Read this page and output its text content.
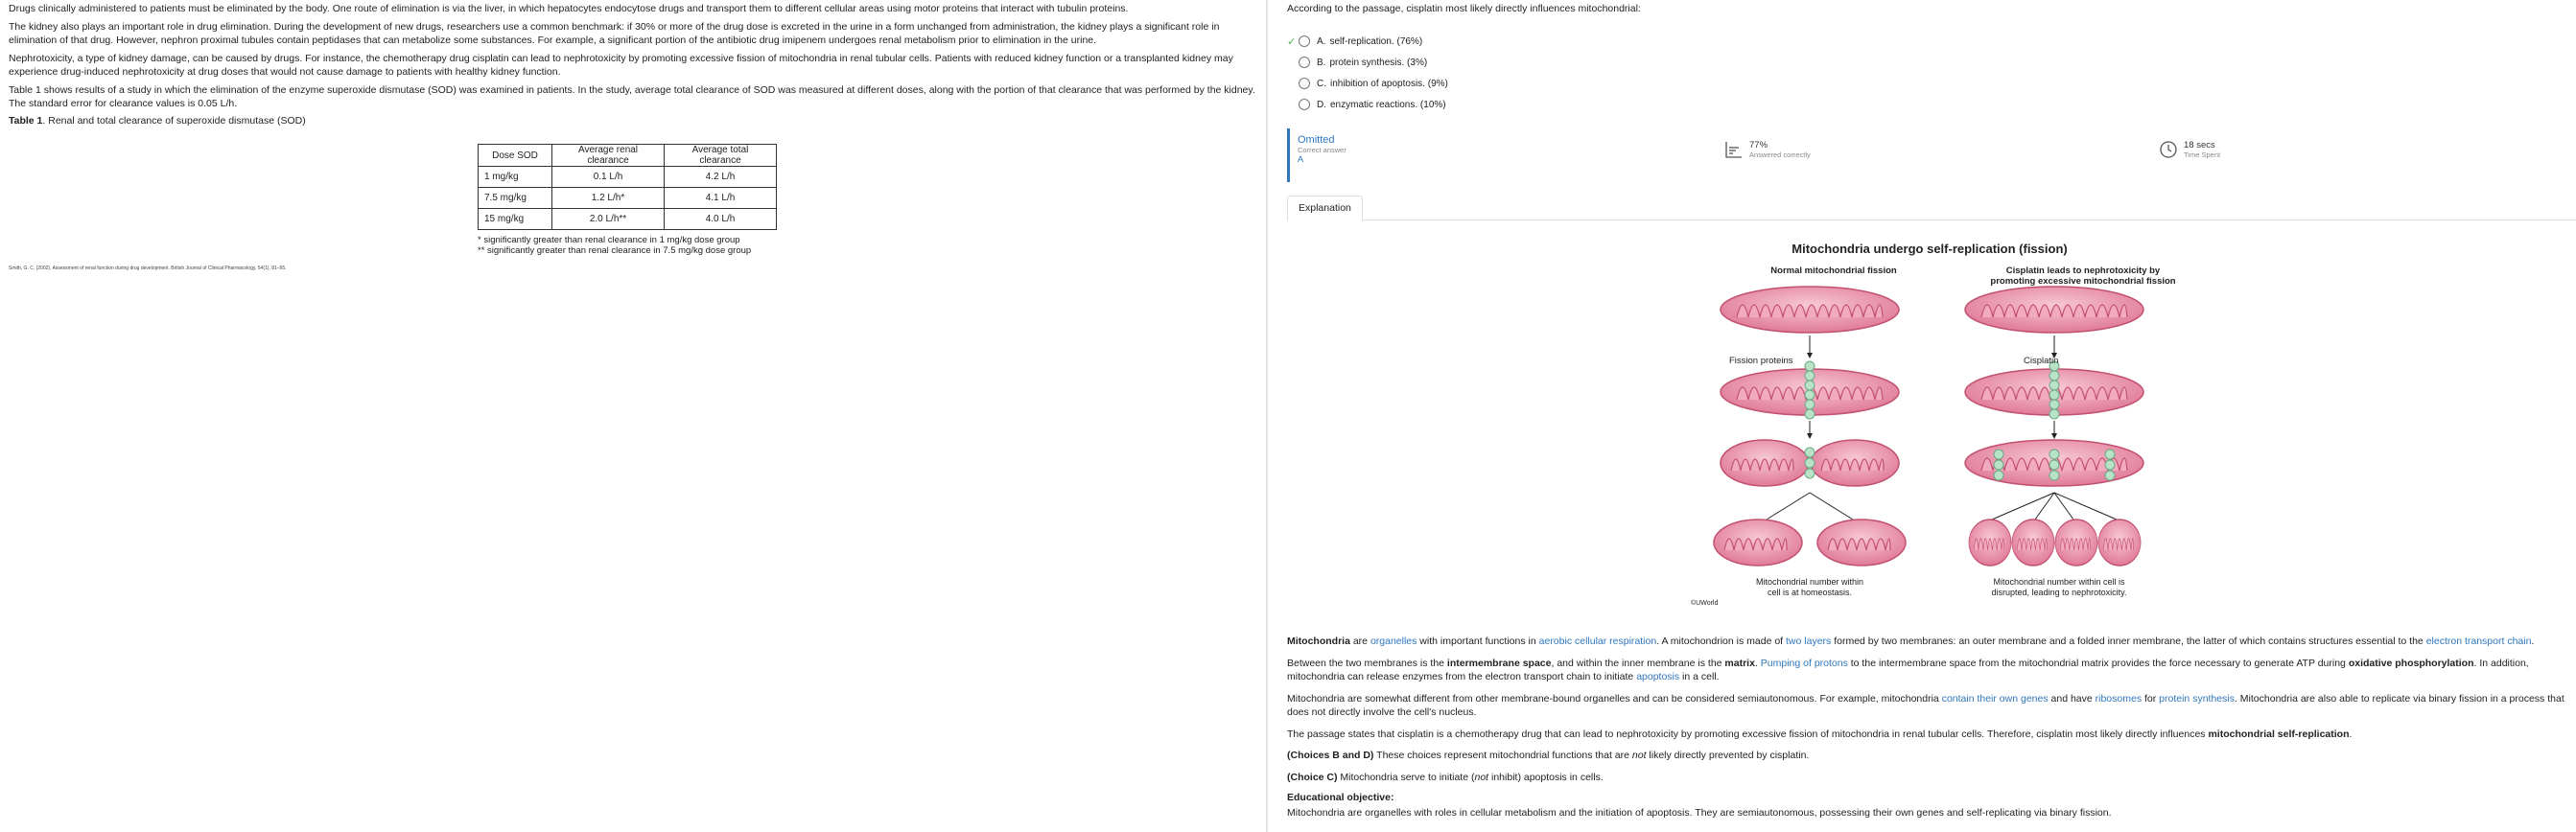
Drugs clinically administered to patients must be eliminated by the body. One route of elimination is via the liver, in which hepatocytes endocytose drugs and transport them to different cellular areas using motor proteins that interact with tubulin proteins.

The kidney also plays an important role in drug elimination. During the development of new drugs, researchers use a common benchmark: if 30% or more of the drug dose is excreted in the urine in a form unchanged from administration, the kidney plays a significant role in elimination of that drug. However, nephron proximal tubules contain peptidases that can metabolize some substances. For example, a significant portion of the antibiotic drug imipenem undergoes renal metabolism prior to elimination in the urine.

Nephrotoxicity, a type of kidney damage, can be caused by drugs. For instance, the chemotherapy drug cisplatin can lead to nephrotoxicity by promoting excessive fission of mitochondria in renal tubular cells. Patients with reduced kidney function or a transplanted kidney may experience drug-induced nephrotoxicity at drug doses that would not cause damage to patients with healthy kidney function.

Table 1 shows results of a study in which the elimination of the enzyme superoxide dismutase (SOD) was examined in patients. In the study, average total clearance of SOD was measured at different doses, along with the portion of that clearance that was performed by the kidney. The standard error for clearance values is 0.05 L/h.

Table 1. Renal and total clearance of superoxide dismutase (SOD)
Dose SOD	Average renal clearance	Average total clearance
1 mg/kg	0.1 L/h	4.2 L/h
7.5 mg/kg	1.2 L/h*	4.1 L/h
15 mg/kg	2.0 L/h**	4.0 L/h
* significantly greater than renal clearance in 1 mg/kg dose group
** significantly greater than renal clearance in 7.5 mg/kg dose group
Smith, G. C. (2002). Assessment of renal function during drug development. British Journal of Clinical Pharmacology, 54(1), 81–95.
According to the passage, cisplatin most likely directly influences mitochondrial:
✓ A. self-replication. (76%)
B. protein synthesis. (3%)
C. inhibition of apoptosis. (9%)
D. enzymatic reactions. (10%)
Omitted
Correct answer
A
77%
Answered correctly
18 secs
Time Spent
Explanation
Mitochondria undergo self-replication (fission)
Normal mitochondrial fission	Cisplatin leads to nephrotoxicity by
promoting excessive mitochondrial fission
Fission proteins	Cisplatin
Mitochondrial number within
cell is at homeostasis.
Mitochondrial number within cell is
disrupted, leading to nephrotoxicity.
©UWorld

Mitochondria are organelles with important functions in aerobic cellular respiration. A mitochondrion is made of two layers formed by two membranes: an outer membrane and a folded inner membrane, the latter of which contains structures essential to the electron transport chain.

Between the two membranes is the intermembrane space, and within the inner membrane is the matrix. Pumping of protons to the intermembrane space from the mitochondrial matrix provides the force necessary to generate ATP during oxidative phosphorylation. In addition, mitochondria can release enzymes from the electron transport chain to initiate apoptosis in a cell.

Mitochondria are somewhat different from other membrane-bound organelles and can be considered semiautonomous. For example, mitochondria contain their own genes and have ribosomes for protein synthesis. Mitochondria are also able to replicate via binary fission in a process that does not directly involve the cell's nucleus.

The passage states that cisplatin is a chemotherapy drug that can lead to nephrotoxicity by promoting excessive fission of mitochondria in renal tubular cells. Therefore, cisplatin most likely directly influences mitochondrial self-replication.

(Choices B and D) These choices represent mitochondrial functions that are not likely directly prevented by cisplatin.

(Choice C) Mitochondria serve to initiate (not inhibit) apoptosis in cells.

Educational objective:

Mitochondria are organelles with roles in cellular metabolism and the initiation of apoptosis. They are semiautonomous, possessing their own genes and self-replicating via binary fission.
